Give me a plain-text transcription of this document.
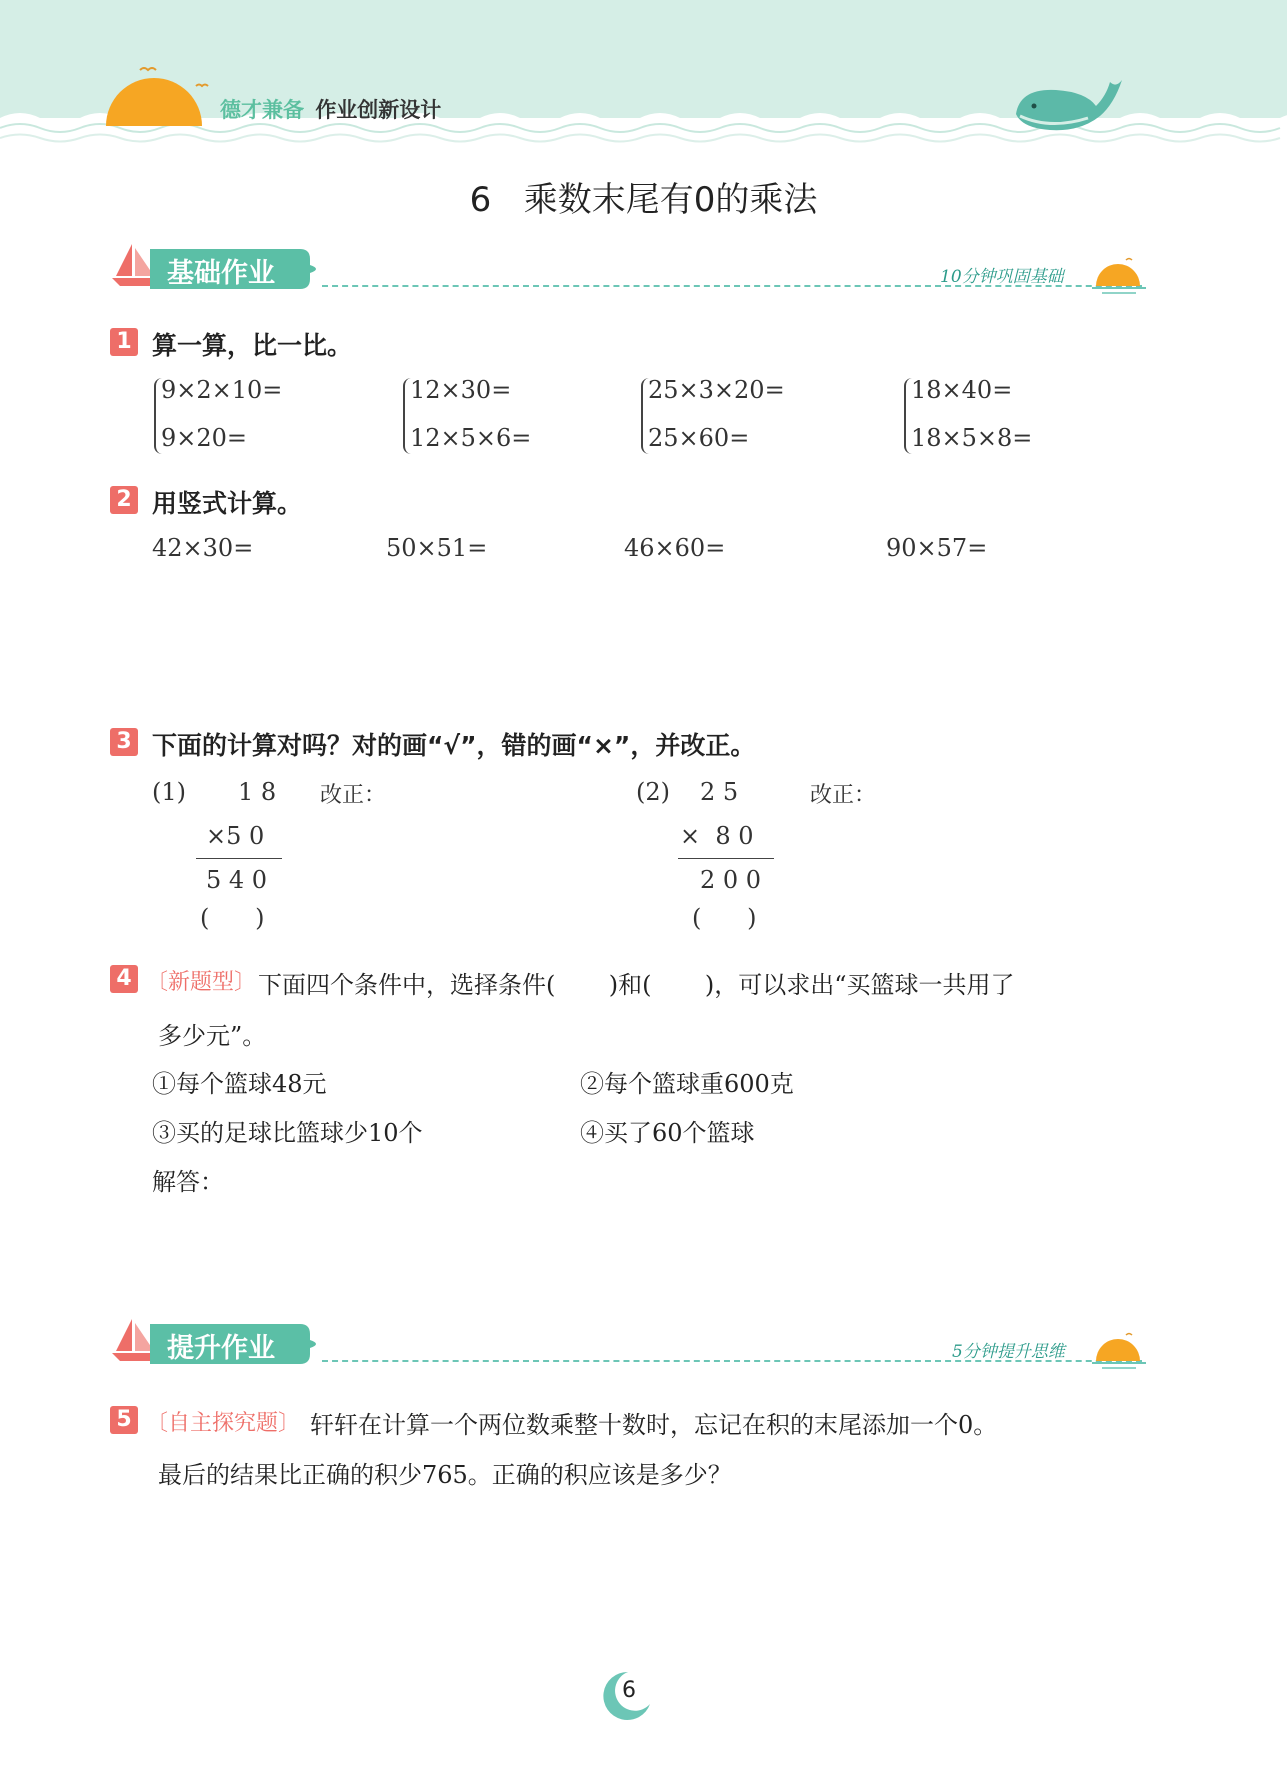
德才兼备 作业创新设计
6   乘数末尾有0的乘法
基础作业	10分钟巩固基础
1 算一算，比一比。
9×2×10=
9×20=
12×30=
12×5×6=
25×3×20=
25×60=
18×40=
18×5×8=
2 用竖式计算。
42×30=	50×51=	46×60=	90×57=
3 下面的计算对吗？对的画“√”，错的画“×”，并改正。
(1) 1 8 改正：
×5 0
5 4 0
(      )
(2) 2 5	改正：
×  8 0
2 0 0
(      )
4 〔新题型〕 下面四个条件中，选择条件(       )和(       )，可以求出“买篮球一共用了
多少元”。
①每个篮球48元	②每个篮球重600克
③买的足球比篮球少10个	④买了60个篮球
解答：
提升作业	5分钟提升思维
5 〔自主探究题〕 轩轩在计算一个两位数乘整十数时，忘记在积的末尾添加一个0。
最后的结果比正确的积少765。正确的积应该是多少？
6
